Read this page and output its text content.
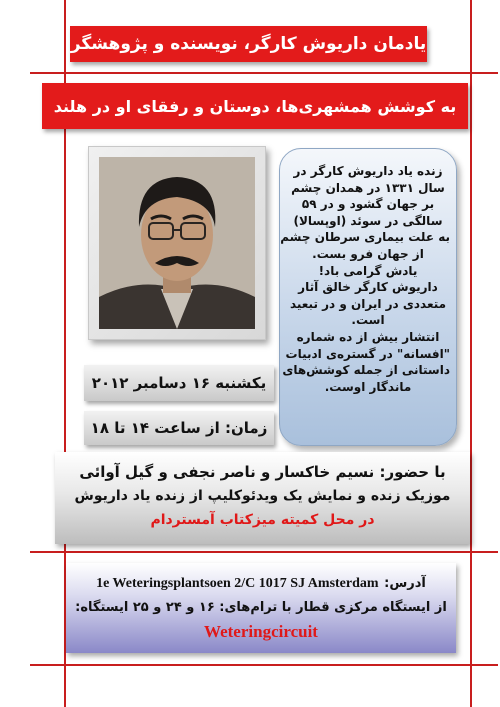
یادمان داریوش کارگر، نویسنده و پژوهشگر
به کوشش همشهری‌ها، دوستان و رفقای او در هلند
زنده یاد داریوش کارگر در
سال ۱۳۳۱ در همدان چشم
بر جهان گشود و در ۵۹
سالگی در سوئد (اوپسالا)
به علت بیماری سرطان چشم
از جهان فرو بست.
یادش گرامی باد!
داریوش کارگر خالق آثار
متعددی در ایران و در تبعید
است.
انتشار بیش از ده شماره
"افسانه" در گستره‌ی ادبیات
داستانی از جمله کوشش‌های
ماندگار اوست.
یکشنبه ۱۶ دسامبر ۲۰۱۲
زمان: از ساعت ۱۴ تا ۱۸
با حضور: نسیم خاکسار و ناصر نجفی و گیل آوائی
موزیک زنده و نمایش یک ویدئوکلیپ از زنده یاد داریوش
در محل کمیته میزکتاب آمستردام
آدرس: 1e Weteringsplantsoen 2/C 1017 SJ Amsterdam
از ایستگاه مرکزی قطار با ترام‌های: ۱۶ و ۲۴ و ۲۵ ایستگاه:
Weteringcircuit
